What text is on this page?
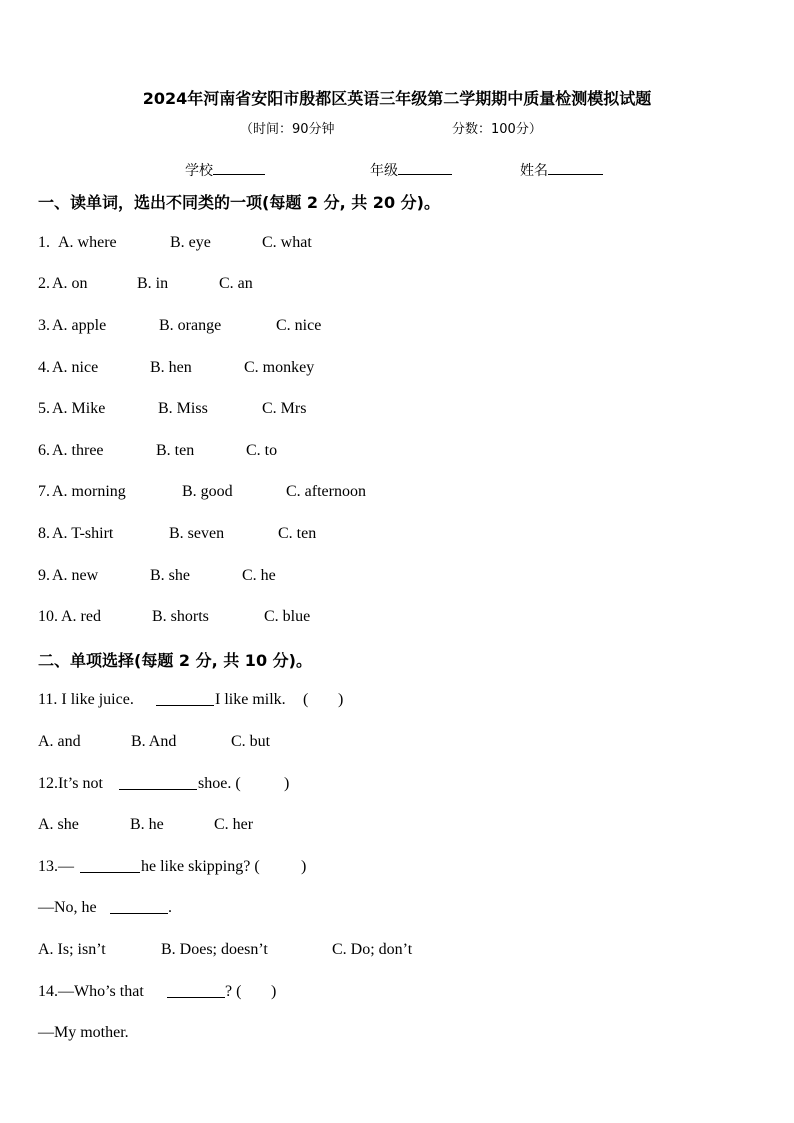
2024年河南省安阳市殷都区英语三年级第二学期期中质量检测模拟试题
（时间：90分钟	分数：100分）
学校	年级	姓名
一、读单词，选出不同类的一项(每题 2 分, 共 20 分)。
1. A. where	B. eye	C. what
2. A. on	B. in	C. an
3. A. apple	B. orange	C. nice
4. A. nice	B. hen	C. monkey
5. A. Mike	B. Miss	C. Mrs
6. A. three	B. ten	C. to
7. A. morning	B. good	C. afternoon
8. A. T-shirt	B. seven	C. ten
9. A. new	B. she	C. he
10. A. red	B. shorts	C. blue
二、单项选择(每题 2 分, 共 10 分)。
11. I like juice.	I like milk. ( )
A. and	B. And	C. but
12.It’s not	shoe. (	)
A. she	B. he	C. her
13.—	he like skipping? (	)
—No, he	.
A. Is; isn’t	B. Does; doesn’t	C. Do; don’t
14.—Who’s that	? ( )
—My mother.
